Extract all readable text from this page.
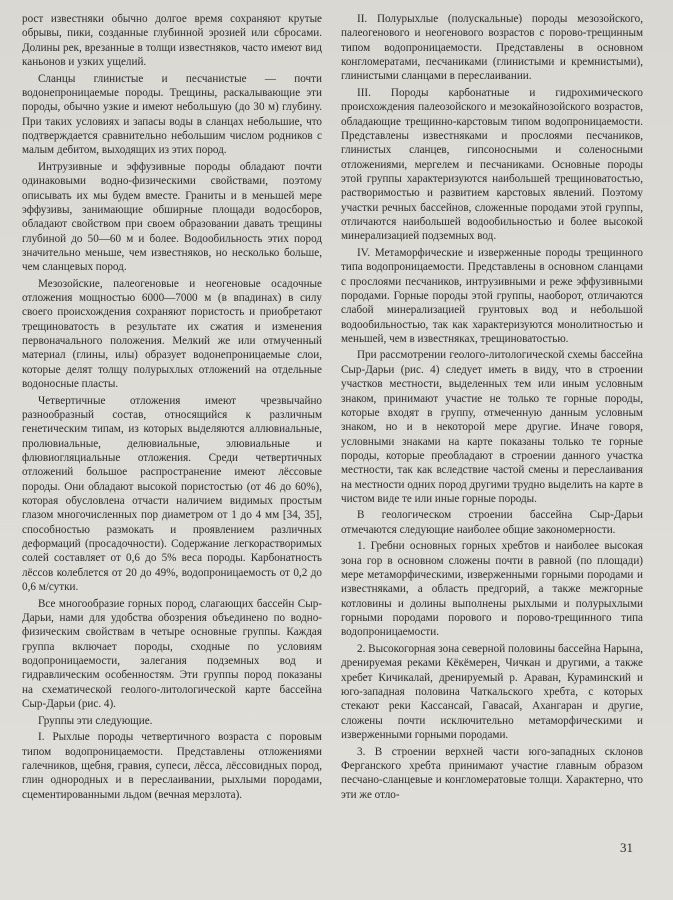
рост известняки обычно долгое время сохраняют крутые обрывы, пики, созданные глубинной эрозией или сбросами. Долины рек, врезанные в толщи известняков, часто имеют вид каньонов и узких ущелий.

Сланцы глинистые и песчанистые — почти водонепроницаемые породы. Трещины, раскалывающие эти породы, обычно узкие и имеют небольшую (до 30 м) глубину. При таких условиях и запасы воды в сланцах небольшие, что подтверждается сравнительно небольшим числом родников с малым дебитом, выходящих из этих пород.

Интрузивные и эффузивные породы обладают почти одинаковыми водно-физическими свойствами, поэтому описывать их мы будем вместе. Граниты и в меньшей мере эффузивы, занимающие обширные площади водосборов, обладают свойством при своем образовании давать трещины глубиной до 50—60 м и более. Водообильность этих пород значительно меньше, чем известняков, но несколько больше, чем сланцевых пород.

Мезозойские, палеогеновые и неогеновые осадочные отложения мощностью 6000—7000 м (в впадинах) в силу своего происхождения сохраняют пористость и приобретают трещиноватость в результате их сжатия и изменения первоначального положения. Мелкий же или отмученный материал (глины, илы) образует водонепроницаемые слои, которые делят толщу полурыхлых отложений на отдельные водоносные пласты.

Четвертичные отложения имеют чрезвычайно разнообразный состав, относящийся к различным генетическим типам, из которых выделяются аллювиальные, пролювиальные, делювиальные, элювиальные и флювиогляциальные отложения. Среди четвертичных отложений большое распространение имеют лёссовые породы. Они обладают высокой пористостью (от 46 до 60%), которая обусловлена отчасти наличием видимых простым глазом многочисленных пор диаметром от 1 до 4 мм [34, 35], способностью размокать и проявлением различных деформаций (просадочности). Содержание легкорастворимых солей составляет от 0,6 до 5% веса породы. Карбонатность лёссов колеблется от 20 до 49%, водопроницаемость от 0,2 до 0,6 м/сутки.

Все многообразие горных пород, слагающих бассейн Сыр-Дарьи, нами для удобства обозрения объединено по водно-физическим свойствам в четыре основные группы. Каждая группа включает породы, сходные по условиям водопроницаемости, залегания подземных вод и гидравлическим особенностям. Эти группы пород показаны на схематической геолого-литологической карте бассейна Сыр-Дарьи (рис. 4).

Группы эти следующие.

I. Рыхлые породы четвертичного возраста с поровым типом водопроницаемости. Представлены отложениями галечников, щебня, гравия, супеси, лёсса, лёссовидных пород, глин однородных и в переслаивании, рыхлыми породами, сцементированными льдом (вечная мерзлота).

II. Полурыхлые (полускальные) породы мезозойского, палеогенового и неогенового возрастов с порово-трещинным типом водопроницаемости. Представлены в основном конгломератами, песчаниками (глинистыми и кремнистыми), глинистыми сланцами в переслаивании.

III. Породы карбонатные и гидрохимического происхождения палеозойского и мезокайнозойского возрастов, обладающие трещинно-карстовым типом водопроницаемости. Представлены известняками и прослоями песчаников, глинистых сланцев, гипсоносными и соленосными отложениями, мергелем и песчаниками. Основные породы этой группы характеризуются наибольшей трещиноватостью, растворимостью и развитием карстовых явлений. Поэтому участки речных бассейнов, сложенные породами этой группы, отличаются наибольшей водообильностью и более высокой минерализацией подземных вод.

IV. Метаморфические и изверженные породы трещинного типа водопроницаемости. Представлены в основном сланцами с прослоями песчаников, интрузивными и реже эффузивными породами. Горные породы этой группы, наоборот, отличаются слабой минерализацией грунтовых вод и небольшой водообильностью, так как характеризуются монолитностью и меньшей, чем в известняках, трещиноватостью.

При рассмотрении геолого-литологической схемы бассейна Сыр-Дарьи (рис. 4) следует иметь в виду, что в строении участков местности, выделенных тем или иным условным знаком, принимают участие не только те горные породы, которые входят в группу, отмеченную данным условным знаком, но и в некоторой мере другие. Иначе говоря, условными знаками на карте показаны только те горные породы, которые преобладают в строении данного участка местности, так как вследствие частой смены и переслаивания на местности одних пород другими трудно выделить на карте в чистом виде те или иные горные породы.

В геологическом строении бассейна Сыр-Дарьи отмечаются следующие наиболее общие закономерности.

1. Гребни основных горных хребтов и наиболее высокая зона гор в основном сложены почти в равной (по площади) мере метаморфическими, изверженными горными породами и известняками, а область предгорий, а также межгорные котловины и долины выполнены рыхлыми и полурыхлыми горными породами порового и порово-трещинного типа водопроницаемости.

2. Высокогорная зона северной половины бассейна Нарына, дренируемая реками Кёкёмерен, Чичкан и другими, а также хребет Кичикалай, дренируемый р. Араван, Кураминский и юго-западная половина Чаткальского хребта, с которых стекают реки Кассансай, Гавасай, Ахангаран и другие, сложены почти исключительно метаморфическими и изверженными горными породами.

3. В строении верхней части юго-западных склонов Ферганского хребта принимают участие главным образом песчано-сланцевые и конгломератовые толщи. Характерно, что эти же отло-

31
